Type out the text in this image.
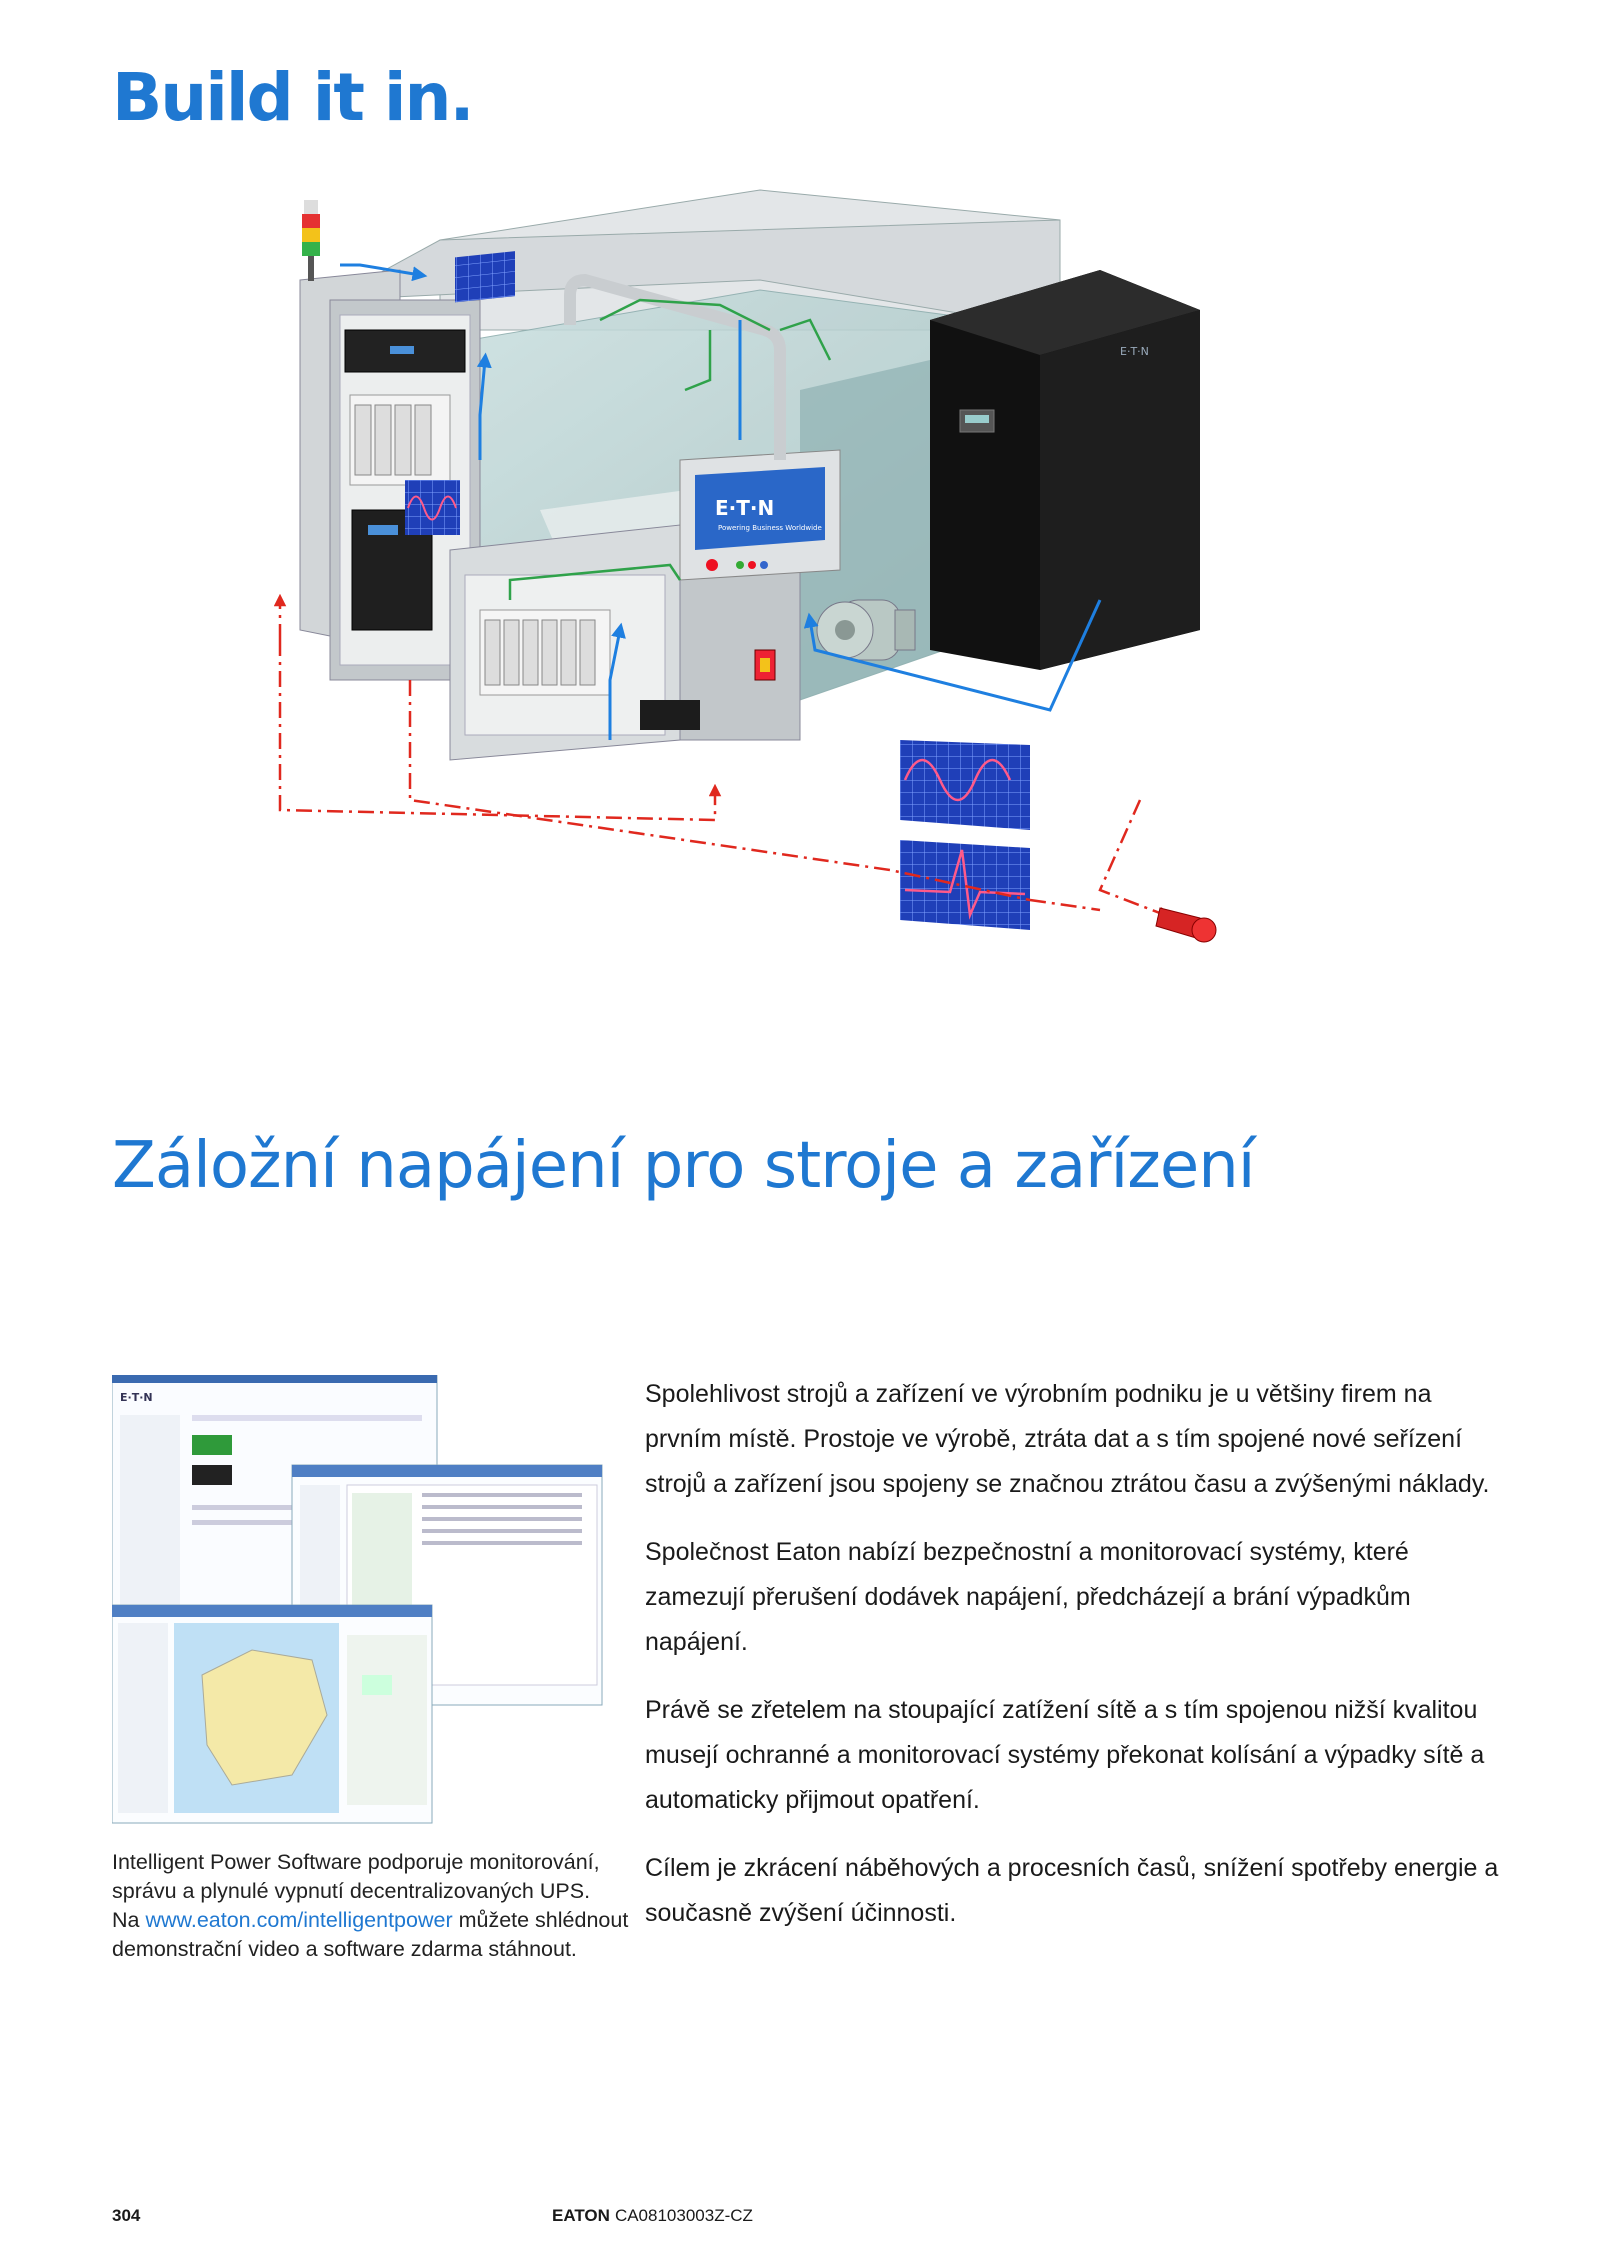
Build it in.
E·T·N
Powering Business Worldwide
E·T·N
Záložní napájení pro stroje a zařízení
E·T·N
Intelligent Power Software podporuje monitorování, správu a plynulé vypnutí decentralizovaných UPS.
Na www.eaton.com/intelligentpower můžete shlédnout demonstrační video a software zdarma stáhnout.

Spolehlivost strojů a zařízení ve výrobním podniku je u většiny firem na prvním místě. Prostoje ve výrobě, ztráta dat a s tím spojené nové seřízení strojů a zařízení jsou spojeny se značnou ztrátou času a zvýšenými náklady.

Společnost Eaton nabízí bezpečnostní a monitorovací systémy, které zamezují přerušení dodávek napájení, předcházejí a brání výpadkům napájení.

Právě se zřetelem na stoupající zatížení sítě a s tím spojenou nižší kvalitou musejí ochranné a monitorovací systémy překonat kolísání a výpadky sítě a automaticky přijmout opatření.

Cílem je zkrácení náběhových a procesních časů, snížení spotřeby energie a současně zvýšení účinnosti.

304	EATON CA08103003Z-CZ
